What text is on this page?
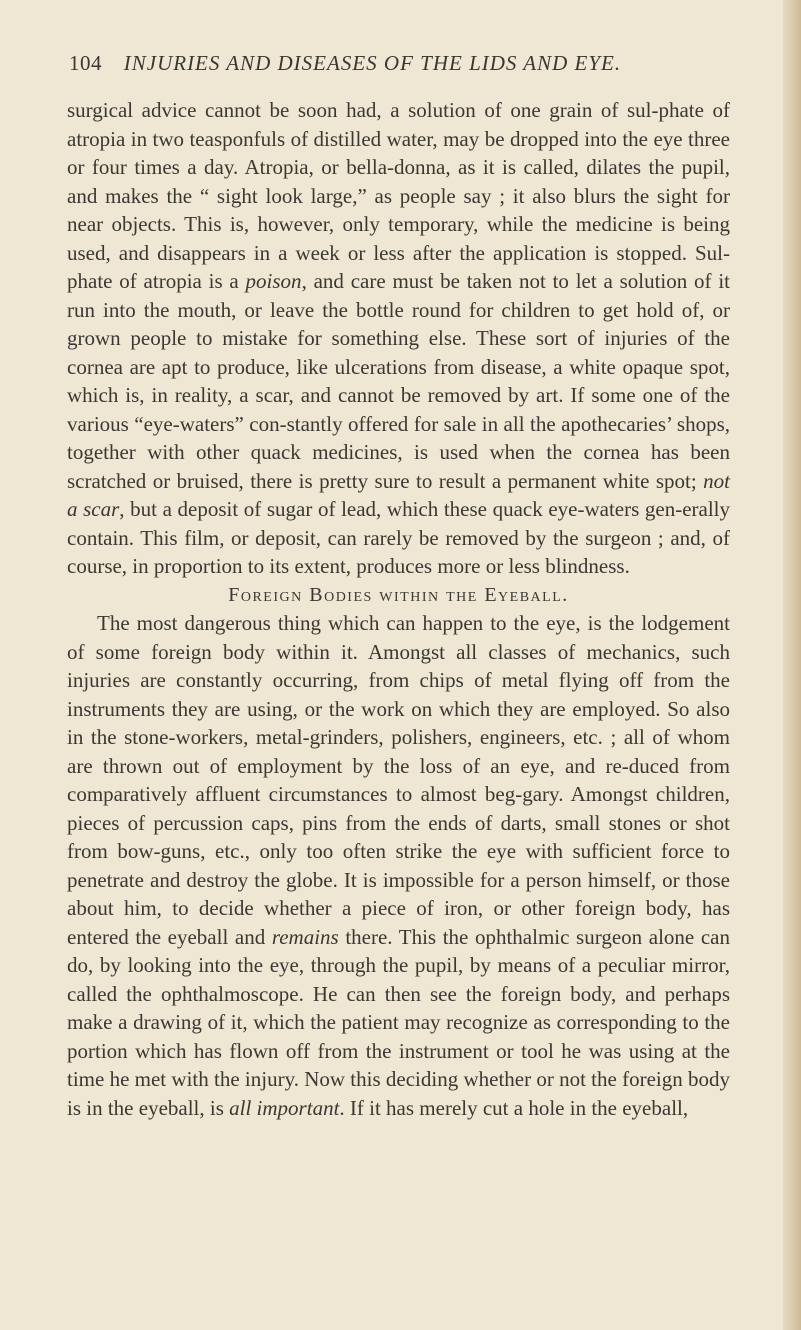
104 INJURIES AND DISEASES OF THE LIDS AND EYE.

surgical advice cannot be soon had, a solution of one grain of sul-phate of atropia in two teasponfuls of distilled water, may be dropped into the eye three or four times a day. Atropia, or bella-donna, as it is called, dilates the pupil, and makes the “ sight look large,” as people say ; it also blurs the sight for near objects. This is, however, only temporary, while the medicine is being used, and disappears in a week or less after the application is stopped. Sul-phate of atropia is a poison, and care must be taken not to let a solution of it run into the mouth, or leave the bottle round for children to get hold of, or grown people to mistake for something else. These sort of injuries of the cornea are apt to produce, like ulcerations from disease, a white opaque spot, which is, in reality, a scar, and cannot be removed by art. If some one of the various “eye-waters” con-stantly offered for sale in all the apothecaries’ shops, together with other quack medicines, is used when the cornea has been scratched or bruised, there is pretty sure to result a permanent white spot; not a scar, but a deposit of sugar of lead, which these quack eye-waters gen-erally contain. This film, or deposit, can rarely be removed by the surgeon ; and, of course, in proportion to its extent, produces more or less blindness.

Foreign Bodies within the Eyeball.

The most dangerous thing which can happen to the eye, is the lodgement of some foreign body within it. Amongst all classes of mechanics, such injuries are constantly occurring, from chips of metal flying off from the instruments they are using, or the work on which they are employed. So also in the stone-workers, metal-grinders, polishers, engineers, etc. ; all of whom are thrown out of employment by the loss of an eye, and re-duced from comparatively affluent circumstances to almost beg-gary. Amongst children, pieces of percussion caps, pins from the ends of darts, small stones or shot from bow-guns, etc., only too often strike the eye with sufficient force to penetrate and destroy the globe. It is impossible for a person himself, or those about him, to decide whether a piece of iron, or other foreign body, has entered the eyeball and remains there. This the ophthalmic surgeon alone can do, by looking into the eye, through the pupil, by means of a peculiar mirror, called the ophthalmoscope. He can then see the foreign body, and perhaps make a drawing of it, which the patient may recognize as corresponding to the portion which has flown off from the instrument or tool he was using at the time he met with the injury. Now this deciding whether or not the foreign body is in the eyeball, is all important. If it has merely cut a hole in the eyeball,
